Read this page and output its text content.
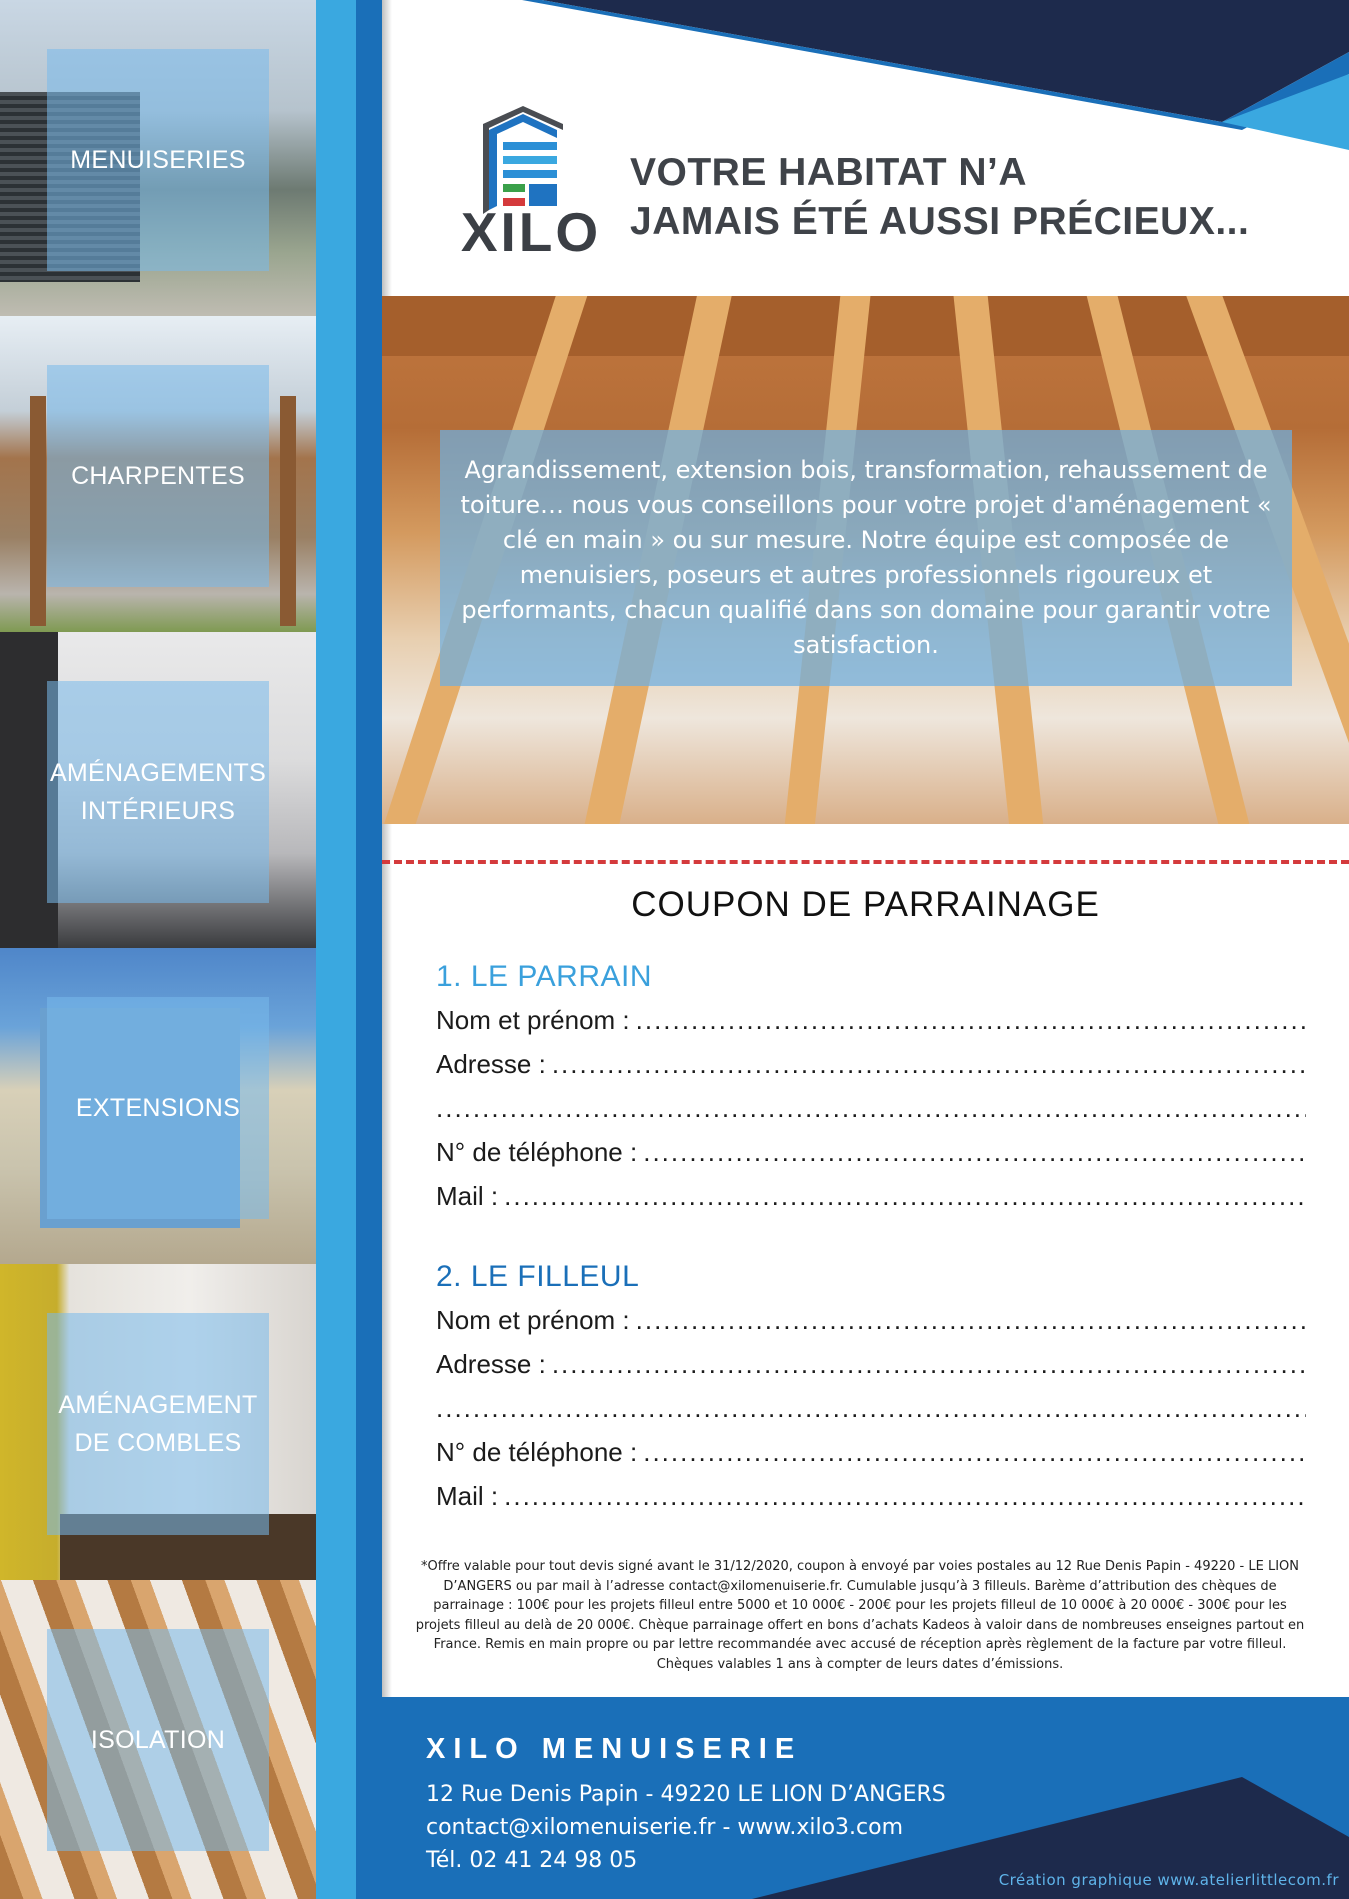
MENUISERIES
CHARPENTES
AMÉNAGEMENTS
INTÉRIEURS
EXTENSIONS
AMÉNAGEMENT
DE COMBLES
ISOLATION
XILO
VOTRE HABITAT N’A
JAMAIS ÉTÉ AUSSI PRÉCIEUX...

Agrandissement, extension bois, transformation, rehaussement de toiture… nous vous conseillons pour votre projet d'aménagement « clé en main » ou sur mesure. Notre équipe est composée de menuisiers, poseurs et autres professionnels rigoureux et performants, chacun qualifié dans son domaine pour garantir votre satisfaction.

COUPON DE PARRAINAGE
1. LE PARRAIN
Nom et prénom :
.....
Adresse :
.....
.....
N° de téléphone :
.....
Mail :
.....
2. LE FILLEUL
Nom et prénom :
.....
Adresse :
.....
.....
N° de téléphone :
.....
Mail :
.....
*Offre valable pour tout devis signé avant le 31/12/2020, coupon à envoyé par voies postales au 12 Rue Denis Papin - 49220 - LE LION D’ANGERS ou par mail à l’adresse contact@xilomenuiserie.fr. Cumulable jusqu’à 3 filleuls. Barème d’attribution des chèques de parrainage : 100€ pour les projets filleul entre 5000 et 10 000€ - 200€ pour les projets filleul de 10 000€ à 20 000€ - 300€ pour les projets filleul au delà de 20 000€. Chèque parrainage offert en bons d’achats Kadeos à valoir dans de nombreuses enseignes partout en France. Remis en main propre ou par lettre recommandée avec accusé de réception après règlement de la facture par votre filleul. Chèques valables 1 ans à compter de leurs dates d’émissions.
XILO MENUISERIE
12 Rue Denis Papin - 49220 LE LION D’ANGERS
contact@xilomenuiserie.fr - www.xilo3.com
Tél. 02 41 24 98 05
Création graphique www.atelierlittlecom.fr
